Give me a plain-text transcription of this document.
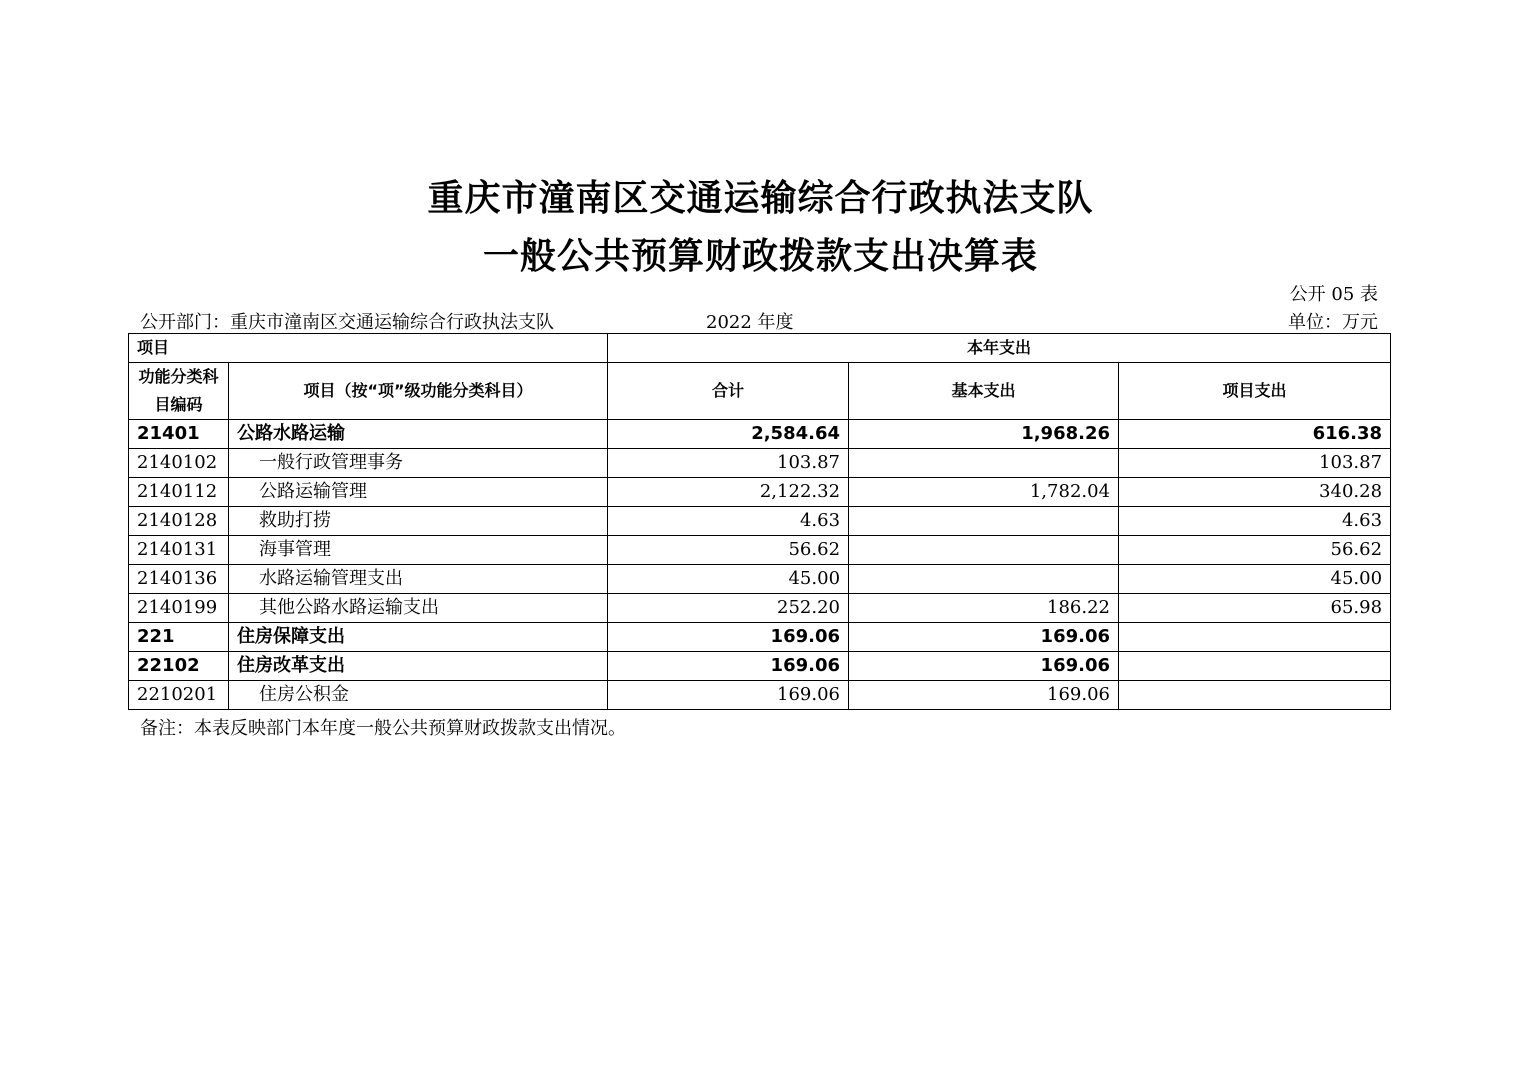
重庆市潼南区交通运输综合行政执法支队
一般公共预算财政拨款支出决算表
公开 05 表
公开部门：重庆市潼南区交通运输综合行政执法支队	2022 年度	单位：万元
项目		本年支出		
功能分类科目编码	项目（按“项”级功能分类科目）	合计	基本支出	项目支出
21401	公路水路运输	2,584.64	1,968.26	616.38
2140102	一般行政管理事务	103.87		103.87
2140112	公路运输管理	2,122.32	1,782.04	340.28
2140128	救助打捞	4.63		4.63
2140131	海事管理	56.62		56.62
2140136	水路运输管理支出	45.00		45.00
2140199	其他公路水路运输支出	252.20	186.22	65.98
221	住房保障支出	169.06	169.06	
22102	住房改革支出	169.06	169.06	
2210201	住房公积金	169.06	169.06	
备注：本表反映部门本年度一般公共预算财政拨款支出情况。
